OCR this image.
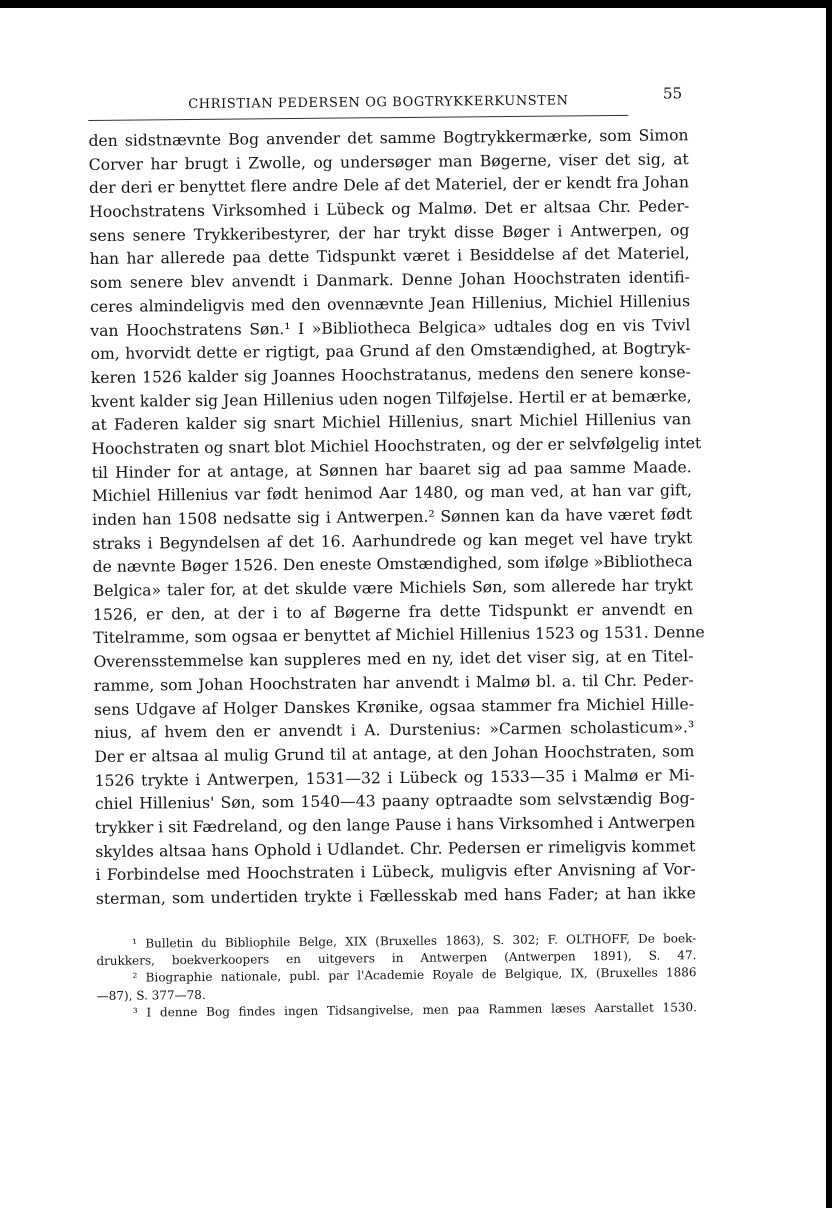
CHRISTIAN PEDERSEN OG BOGTRYKKERKUNSTEN	55
den sidstnævnte Bog anvender det samme Bogtrykkermærke, som Simon
Corver har brugt i Zwolle, og undersøger man Bøgerne, viser det sig, at
der deri er benyttet flere andre Dele af det Materiel, der er kendt fra Johan
Hoochstratens Virksomhed i Lübeck og Malmø. Det er altsaa Chr. Peder-
sens senere Trykkeribestyrer, der har trykt disse Bøger i Antwerpen, og
han har allerede paa dette Tidspunkt været i Besiddelse af det Materiel,
som senere blev anvendt i Danmark. Denne Johan Hoochstraten identifi-
ceres almindeligvis med den ovennævnte Jean Hillenius, Michiel Hillenius
van Hoochstratens Søn.¹ I »Bibliotheca Belgica» udtales dog en vis Tvivl
om, hvorvidt dette er rigtigt, paa Grund af den Omstændighed, at Bogtryk-
keren 1526 kalder sig Joannes Hoochstratanus, medens den senere konse-
kvent kalder sig Jean Hillenius uden nogen Tilføjelse. Hertil er at bemærke,
at Faderen kalder sig snart Michiel Hillenius, snart Michiel Hillenius van
Hoochstraten og snart blot Michiel Hoochstraten, og der er selvfølgelig intet
til Hinder for at antage, at Sønnen har baaret sig ad paa samme Maade.
Michiel Hillenius var født henimod Aar 1480, og man ved, at han var gift,
inden han 1508 nedsatte sig i Antwerpen.² Sønnen kan da have været født
straks i Begyndelsen af det 16. Aarhundrede og kan meget vel have trykt
de nævnte Bøger 1526. Den eneste Omstændighed, som ifølge »Bibliotheca
Belgica» taler for, at det skulde være Michiels Søn, som allerede har trykt
1526, er den, at der i to af Bøgerne fra dette Tidspunkt er anvendt en
Titelramme, som ogsaa er benyttet af Michiel Hillenius 1523 og 1531. Denne
Overensstemmelse kan suppleres med en ny, idet det viser sig, at en Titel-
ramme, som Johan Hoochstraten har anvendt i Malmø bl. a. til Chr. Peder-
sens Udgave af Holger Danskes Krønike, ogsaa stammer fra Michiel Hille-
nius, af hvem den er anvendt i A. Durstenius: »Carmen scholasticum».³
Der er altsaa al mulig Grund til at antage, at den Johan Hoochstraten, som
1526 trykte i Antwerpen, 1531—32 i Lübeck og 1533—35 i Malmø er Mi-
chiel Hillenius' Søn, som 1540—43 paany optraadte som selvstændig Bog-
trykker i sit Fædreland, og den lange Pause i hans Virksomhed i Antwerpen
skyldes altsaa hans Ophold i Udlandet. Chr. Pedersen er rimeligvis kommet
i Forbindelse med Hoochstraten i Lübeck, muligvis efter Anvisning af Vor-
sterman, som undertiden trykte i Fællesskab med hans Fader; at han ikke
¹ Bulletin du Bibliophile Belge, XIX (Bruxelles 1863), S. 302; F. OLTHOFF, De boek-
drukkers, boekverkoopers en uitgevers in Antwerpen (Antwerpen 1891), S. 47.
² Biographie nationale, publ. par l'Academie Royale de Belgique, IX, (Bruxelles 1886
—87), S. 377—78.
³ I denne Bog findes ingen Tidsangivelse, men paa Rammen læses Aarstallet 1530.
